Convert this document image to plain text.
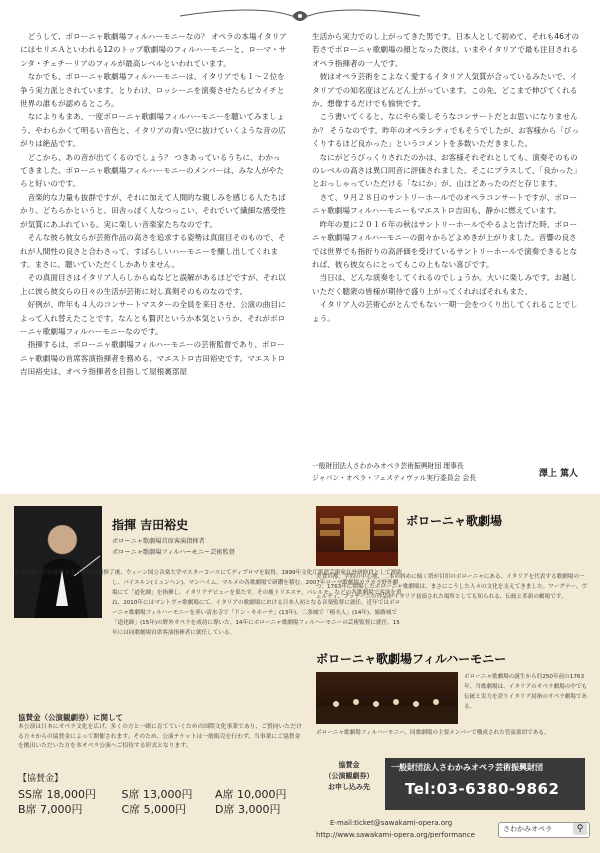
どうして、ボローニャ歌劇場フィルハーモニーなの？ オペラの本場イタリアにはセリエＡといわれる12のトップ歌劇場のフィルハーモニーと、ローマ・サンタ・チェチーリアのフィルが最高レベルといわれています。

なかでも、ボローニャ歌劇場フィルハーモニーは、イタリアでも１～２位を争う実力派とされています。とりわけ、ロッシーニを演奏させたらピカイチと世界の誰もが認めるところ。

なによりもまあ、一度ボローニャ歌劇場フィルハーモニーを聴いてみましょう。やわらかくて明るい音色と、イタリアの青い空に抜けていくような音の広がりは絶品です。

どこから、あの音が出てくるのでしょう？ つきあっているうちに、わかってきました。ボローニャ歌劇場フィルハーモニーのメンバーは、みな人がやたらと好いのです。

音楽的な力量も抜群ですが、それに加えて人間的な親しみを感じる人たちばかり。どちらかというと、田舎っぽく人なつっこい、それでいて繊細な感受性が気質にあふれている。実に楽しい音楽家たちなのです。

そんな彼ら彼女らが芸術作品の高さを追求する姿勢は真面目そのもので、それが人間性の良さと合わさって、すばらしいハーモニーを醸し出してくれます。まさに、聴いていただくしかありません。

その真面目さはイタリア人らしからぬなどと誤解があるほどですが、それ以上に彼ら彼女らの日々の生活が芸術に対し真剣そのものなのです。

好例が、昨年も４人のコンサートマスターの全員を来日させ、公演の曲目によって入れ替えたことです。なんとも贅沢というか本気というか、それがボローニャ歌劇場フィルハーモニーなのです。

指揮するは、ボローニャ歌劇場フィルハーモニーの芸術監督であり、ボローニャ歌劇場の首席客演指揮者を務める、マエストロ吉田裕史です。マエストロ吉田裕史は、オペラ指揮者を目指して屋根裏部屋

生活から実力でのし上がってきた男です。日本人として初めて、それも46才の若さでボローニャ歌劇場の顔となった彼は、いまやイタリアで最も注目されるオペラ指揮者の一人です。

彼はオペラ芸術をこよなく愛するイタリア人気質が合っているみたいで、イタリアでの知名度はどんどん上がっています。この先、どこまで伸びてくれるか、想像するだけでも愉快です。

こう書いてくると、なにやら楽しそうなコンサートだとお思いになりませんか？ そうなのです。昨年のオペラシティでもそうでしたが、お客様から「びっくりするほど良かった」というコメントを多数いただきました。

なにがどうびっくりされたのかは、お客様それぞれとしても、演奏そのもののレベルの高さは異口同音に評価されました。そこにプラスして、「良かった」とおっしゃっていただける「なにか」が、山ほどあったのだと存じます。

さて、９月２８日のサントリーホールでのオペラコンサートですが、ボローニャ歌劇場フィルハーモニーもマエストロ吉田も、静かに燃えています。

昨年の夏に２０１６年の秋はサントリーホールでやるよと告げた時、ボローニャ歌劇場フィルハーモニーの面々からどよめきが上がりました。音響の良さでは世界でも指折りの高評価を受けているサントリーホールで演奏できるとなれば、彼ら彼女らにとってもこの上もない喜びです。

当日は、どんな演奏をしてくれるのでしょうか。大いに楽しみです。お越しいただく聴衆の皆様が期待で盛り上がってくれればそれもまた、

イタリア人の芸術心がとんでもない一期一会をつくり出してくれることでしょう。

一般財団法人さわかみオペラ芸術振興財団 理事長
ジャパン・オペラ・フェスティヴァル実行委員会 会長	澤上 篤人
指揮 吉田裕史

ボローニャ歌劇場首席客演指揮者

ボローニャ歌劇場フィルハーモニー芸術監督

東京音楽大学指揮科および同研究科修了後、ウィーン国立音楽大学マスターコースにてディプロマを取得。1999年文化庁派遣芸術家在外研修員として渡欧し、バイエルン(ミュンヘン)、マンハイム、マルメの各歌劇場で研鑽を積む。2007年ローマ歌劇場カラカラ野外劇場にて「道化師」を指揮し、イタリアデビューを果たす。その後トリエステ、パレルモ、などの各歌劇場で客演を重ね、2010年にはマントヴァ歌劇場にて、イタリアの歌劇場における日本人初となる音楽監督に就任。近年ではボローニャ歌劇場フィルハーモニーを率い清水寺で「ドン・キホーテ」(13年)、二条城で「椿夫人」(14年)、姫路城で「道化師」(15年)の野外オペラを成功に導いた。14年にボローニャ歌劇場フィルハーモニーの芸術監督に就任。15年には同歌劇場首席客演指揮者に就任している。
ボローニャ歌劇場
美食の都、学問の中心地、二本の斜めに傾く塔が目印のボローニャにある、イタリアを代表する歌劇場の一つ。1763年に開場したボローニャ歌劇場は、まさにこうした人々の文化を支えてきました。ワーグナー、ヴェルディ、プッチーニの作品がイタリア初演された場所としても知られる、伝統と革新の劇場です。
ボローニャ歌劇場フィルハーモニー
ボローニャ歌劇場の誕生から約250年前の1763年、当歌劇場は、イタリアのオペラ劇場の中でも伝統と実力を誇りイタリア屈指のオペラ劇場である。
ボローニャ歌劇場フィルハーモニー、同歌劇場の主要メンバーで構成された管弦楽団である。

協賛金（公演観劇券）に関して

本公演は日本にオペラ文化を広げ、多くの方と一緒に育てていくための国際文化事業であり、ご賛同いただける方々からの協賛金によって開催されます。そのため、公演チケットは一般販売を行わず、当事業にご協賛金を拠出いただいた方を本オペラ公演へご招待する形式となります。

【協賛金】
SS席 18,000円 S席 13,000円 A席 10,000円
B席 7,000円	C席 5,000円	D席 3,000円

協賛金

（公演観劇券）

お申し込み先

一般財団法人さわかみオペラ芸術振興財団
Tel:03-6380-9862
E-mail:ticket@sawakami-opera.org
http://www.sawakami-opera.org/performance
さわかみオペラ	⚲
